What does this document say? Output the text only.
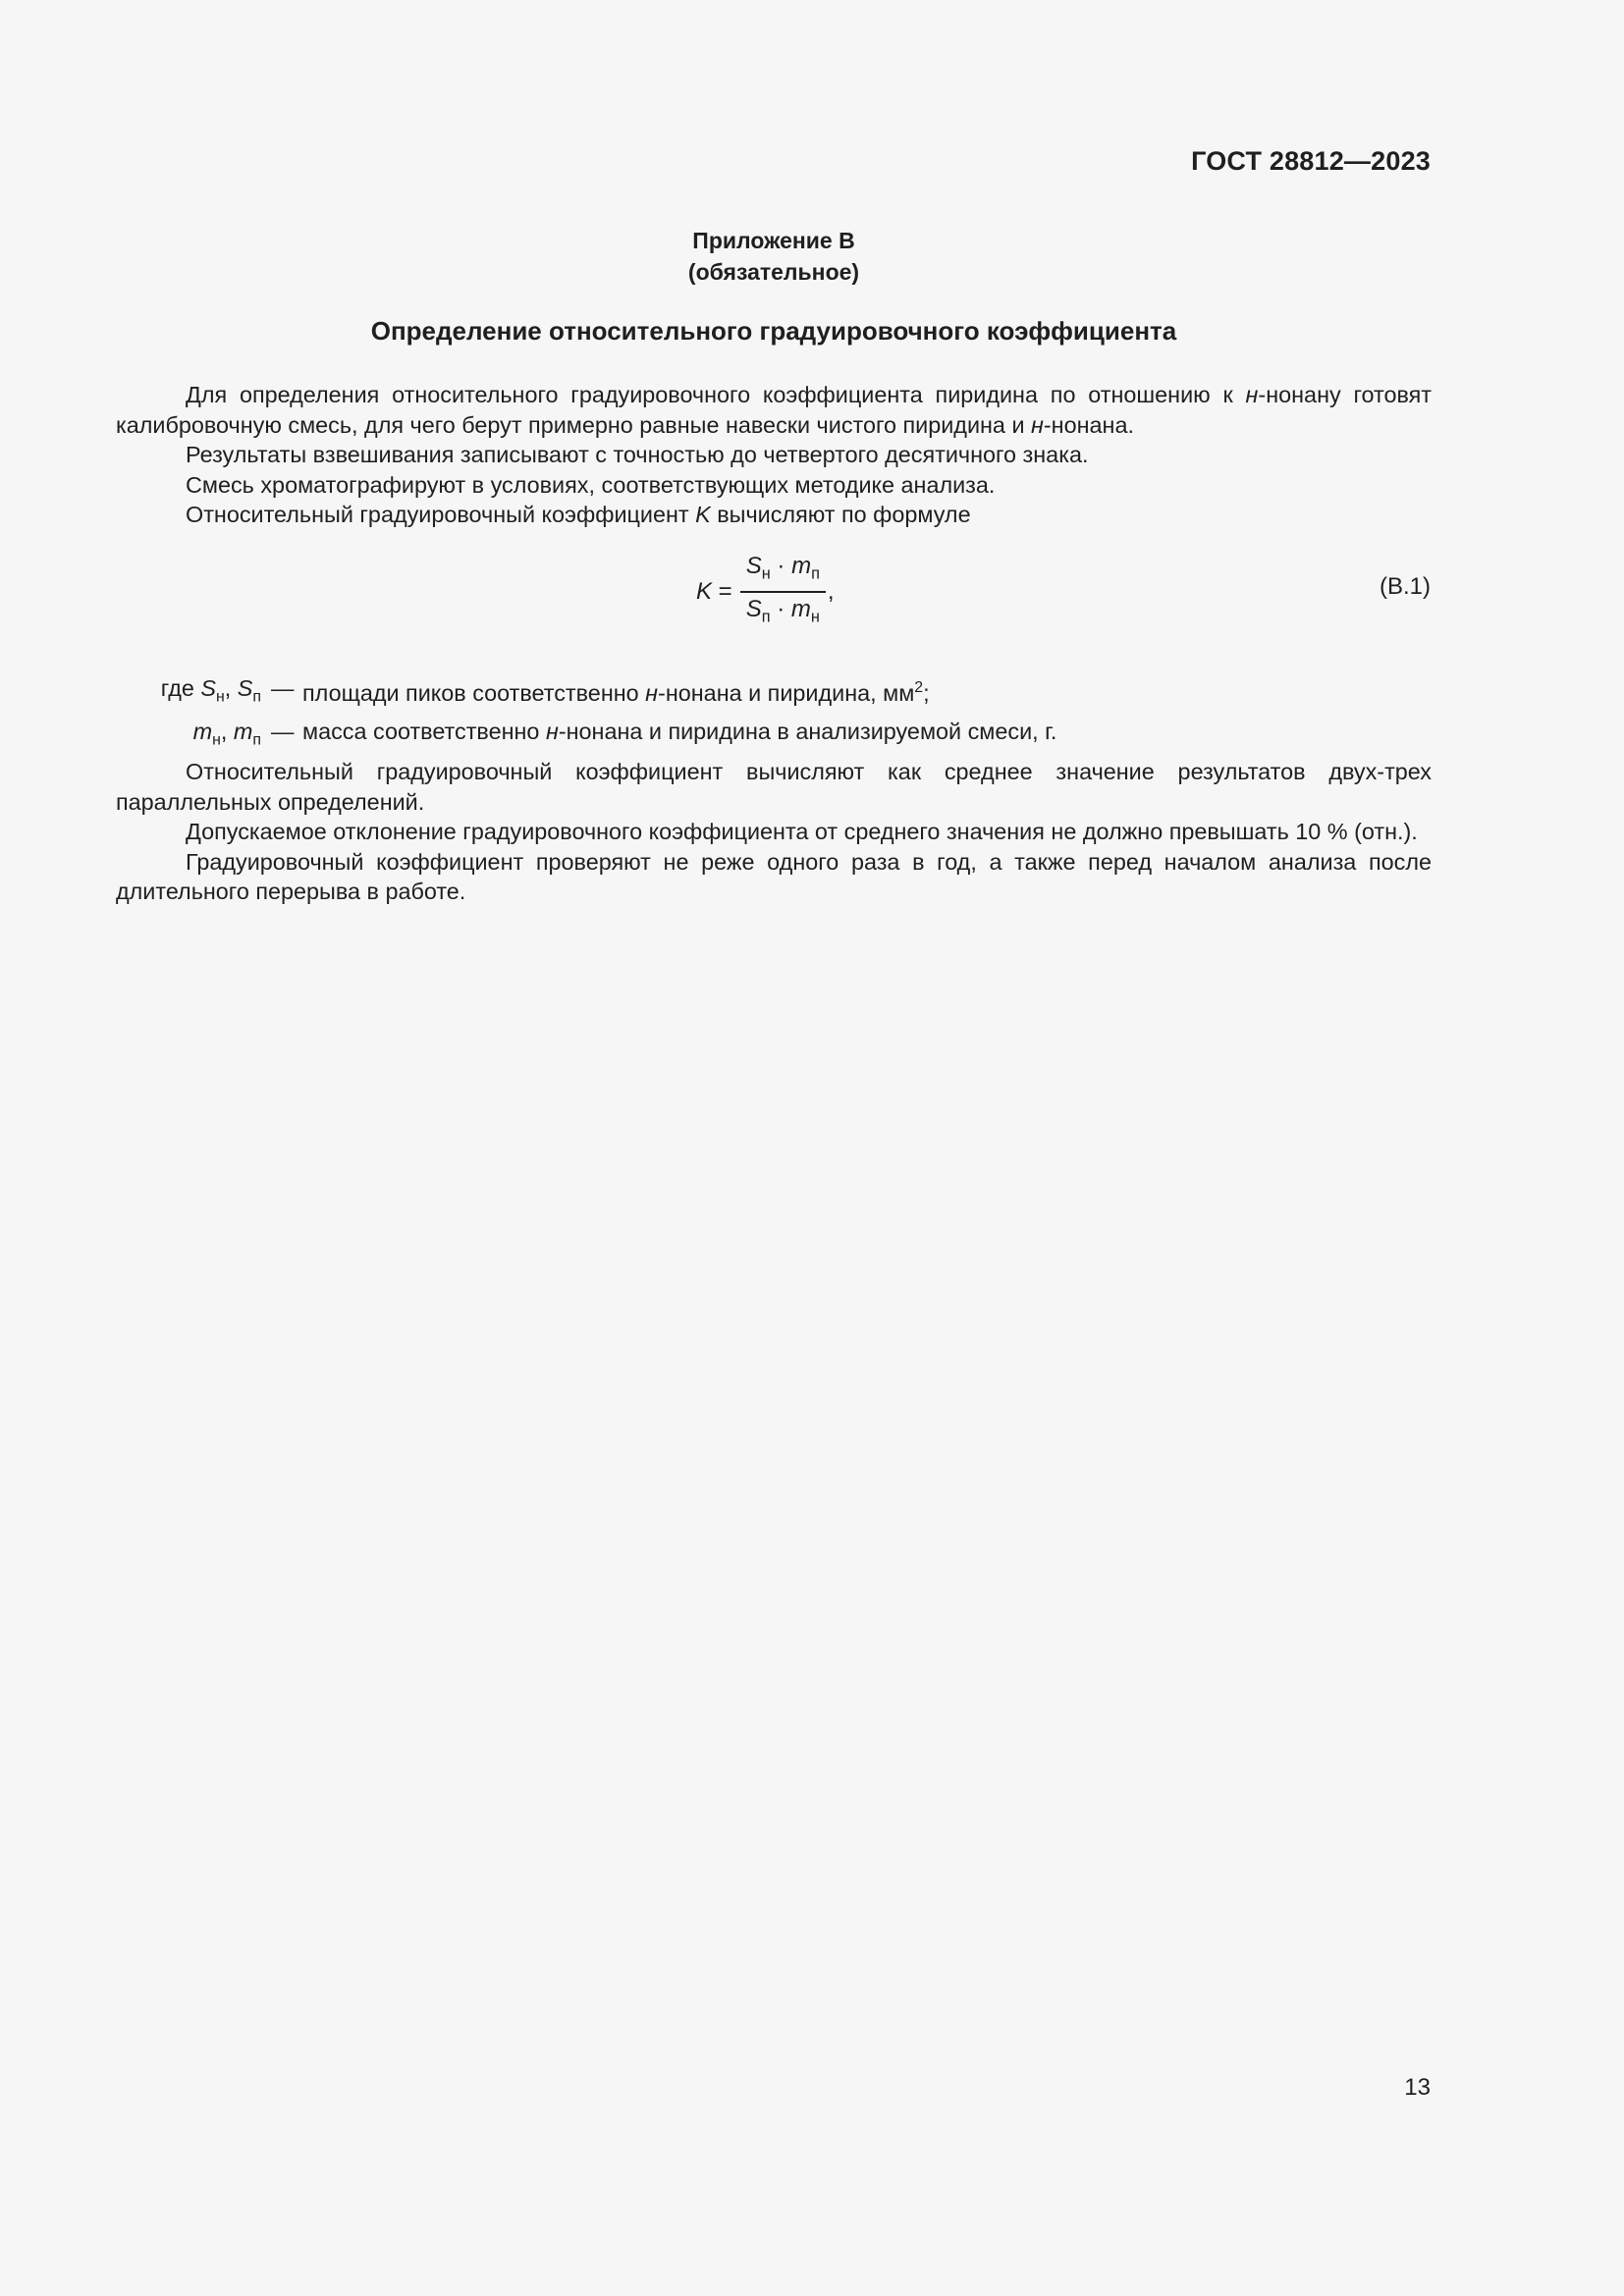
ГОСТ 28812—2023
Приложение В
(обязательное)
Определение относительного градуировочного коэффициента

Для определения относительного градуировочного коэффициента пиридина по отношению к н-нонану готовят калибровочную смесь, для чего берут примерно равные навески чистого пиридина и н-нонана.

Результаты взвешивания записывают с точностью до четвертого десятичного знака.

Смесь хроматографируют в условиях, соответствующих методике анализа.

Относительный градуировочный коэффициент K вычисляют по формуле

$K = \frac{S_н \cdot m_п}{S_п \cdot m_н}$ ,	(В.1)
где $S_н$, $S_п$ — площади пиков соответственно н-нонана и пиридина, $мм^2$;
$m_н$, $m_п$ — масса соответственно н-нонана и пиридина в анализируемой смеси, г.

Относительный градуировочный коэффициент вычисляют как среднее значение результатов двух-трех параллельных определений.

Допускаемое отклонение градуировочного коэффициента от среднего значения не должно превышать 10 % (отн.).

Градуировочный коэффициент проверяют не реже одного раза в год, а также перед началом анализа после длительного перерыва в работе.

13
